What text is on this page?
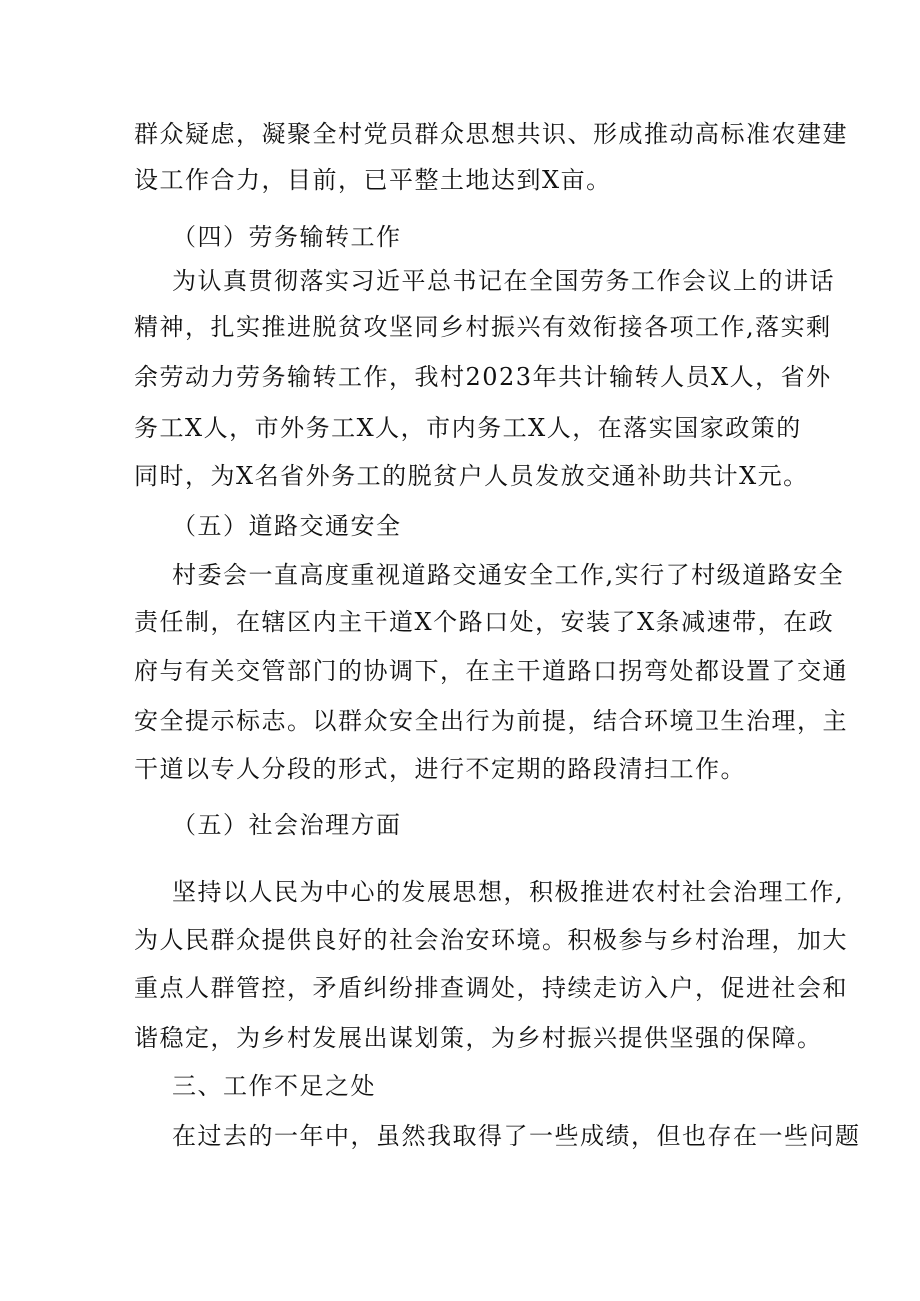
群众疑虑，凝聚全村党员群众思想共识、形成推动高标准农建建
设工作合力，目前，已平整土地达到X亩。
（四）劳务输转工作
为认真贯彻落实习近平总书记在全国劳务工作会议上的讲话
精神，扎实推进脱贫攻坚同乡村振兴有效衔接各项工作,落实剩
余劳动力劳务输转工作，我村2023年共计输转人员X人，省外
务工X人，市外务工X人，市内务工X人，在落实国家政策的
同时，为X名省外务工的脱贫户人员发放交通补助共计X元。
（五）道路交通安全
村委会一直高度重视道路交通安全工作,实行了村级道路安全
责任制，在辖区内主干道X个路口处，安装了X条减速带，在政
府与有关交管部门的协调下，在主干道路口拐弯处都设置了交通
安全提示标志。以群众安全出行为前提，结合环境卫生治理，主
干道以专人分段的形式，进行不定期的路段清扫工作。
（五）社会治理方面
坚持以人民为中心的发展思想，积极推进农村社会治理工作,
为人民群众提供良好的社会治安环境。积极参与乡村治理，加大
重点人群管控，矛盾纠纷排查调处，持续走访入户，促进社会和
谐稳定，为乡村发展出谋划策，为乡村振兴提供坚强的保障。
三、工作不足之处
在过去的一年中，虽然我取得了一些成绩，但也存在一些问题
